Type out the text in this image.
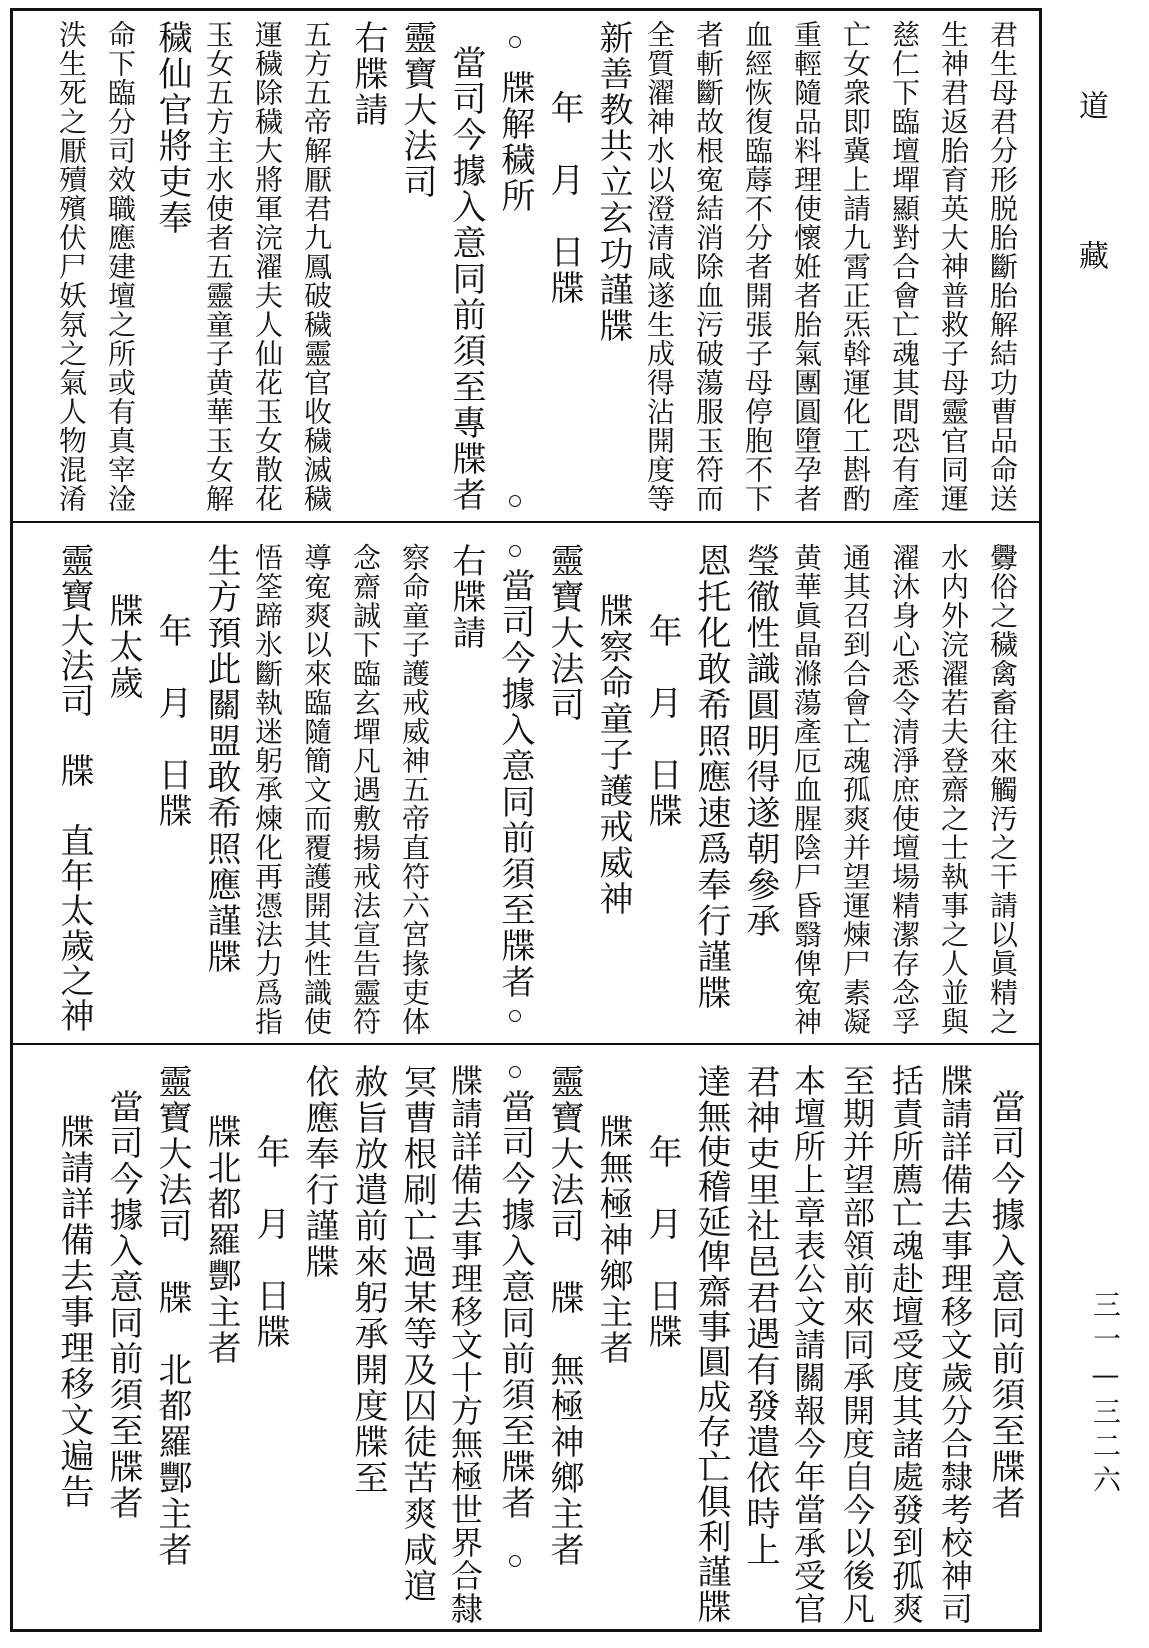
道
藏
三一—三二六
君生母君分形脱胎斷胎解結功曹品命送
生神君返胎育英大神普救子母靈官同運
慈仁下臨壇墠顯對合會亡魂其間恐有產
亡女衆即冀上請九霄正炁斡運化工斟酌
重輕隨品料理使懷姙者胎氣團圓墮孕者
血經恢復臨蓐不分者開張子母停胞不下
者斬斷故根寃結消除血污破蕩服玉符而
全質濯神水以澄清咸遂生成得沾開度等
新善教共立玄功謹牒
年　月　日牒
牒解穢所
當司今據入意同前須至專牒者
靈寶大法司
右牒請
五方五帝解厭君九鳳破穢靈官收穢滅穢
運穢除穢大將軍浣濯夫人仙花玉女散花
玉女五方主水使者五靈童子黄華玉女解
穢仙官將吏奉
命下臨分司效職應建壇之所或有真宰淦
泆生死之厭殰殯伏尸妖氛之氣人物混淆
釁俗之穢禽畜往來觸汚之干請以眞精之
水内外浣濯若夫登齋之士執事之人並與
濯沐身心悉令清淨庶使壇場精潔存念孚
通其召到合會亡魂孤爽并望運煉尸素凝
黄華眞晶滌蕩產厄血腥陰尸昏翳俾寃神
瑩徹性識圓明得遂朝參承
恩托化敢希照應速爲奉行謹牒
年　月　日牒
牒察命童子護戒威神
靈寶大法司
當司今據入意同前須至牒者
右牒請
察命童子護戒威神五帝直符六宮掾吏体
念齋誠下臨玄墠凡遇敷揚戒法宣告靈符
導寃爽以來臨隨簡文而覆護開其性識使
悟筌蹄氷斷執迷躬承煉化再憑法力爲指
生方預此關盟敢希照應謹牒
年　月　日牒
牒太歲
靈寶大法司　牒　直年太歲之神
當司今據入意同前須至牒者
牒請詳備去事理移文歲分合隸考校神司
括責所薦亡魂赴壇受度其諸處發到孤爽
至期并望部領前來同承開度自今以後凡
本壇所上章表公文請關報今年當承受官
君神吏里社邑君遇有發遣依時上
達無使稽延俾齋事圓成存亡俱利謹牒
年　月　日牒
牒無極神鄉主者
靈寶大法司　牒　無極神鄉主者
當司今據入意同前須至牒者
牒請詳備去事理移文十方無極世界合隸
冥曹根刷亡過某等及囚徒苦爽咸逭
赦旨放遣前來躬承開度牒至
依應奉行謹牒
年　月　日牒
牒北都羅酆主者
靈寶大法司　牒　北都羅酆主者
當司今據入意同前須至牒者
牒請詳備去事理移文遍告
